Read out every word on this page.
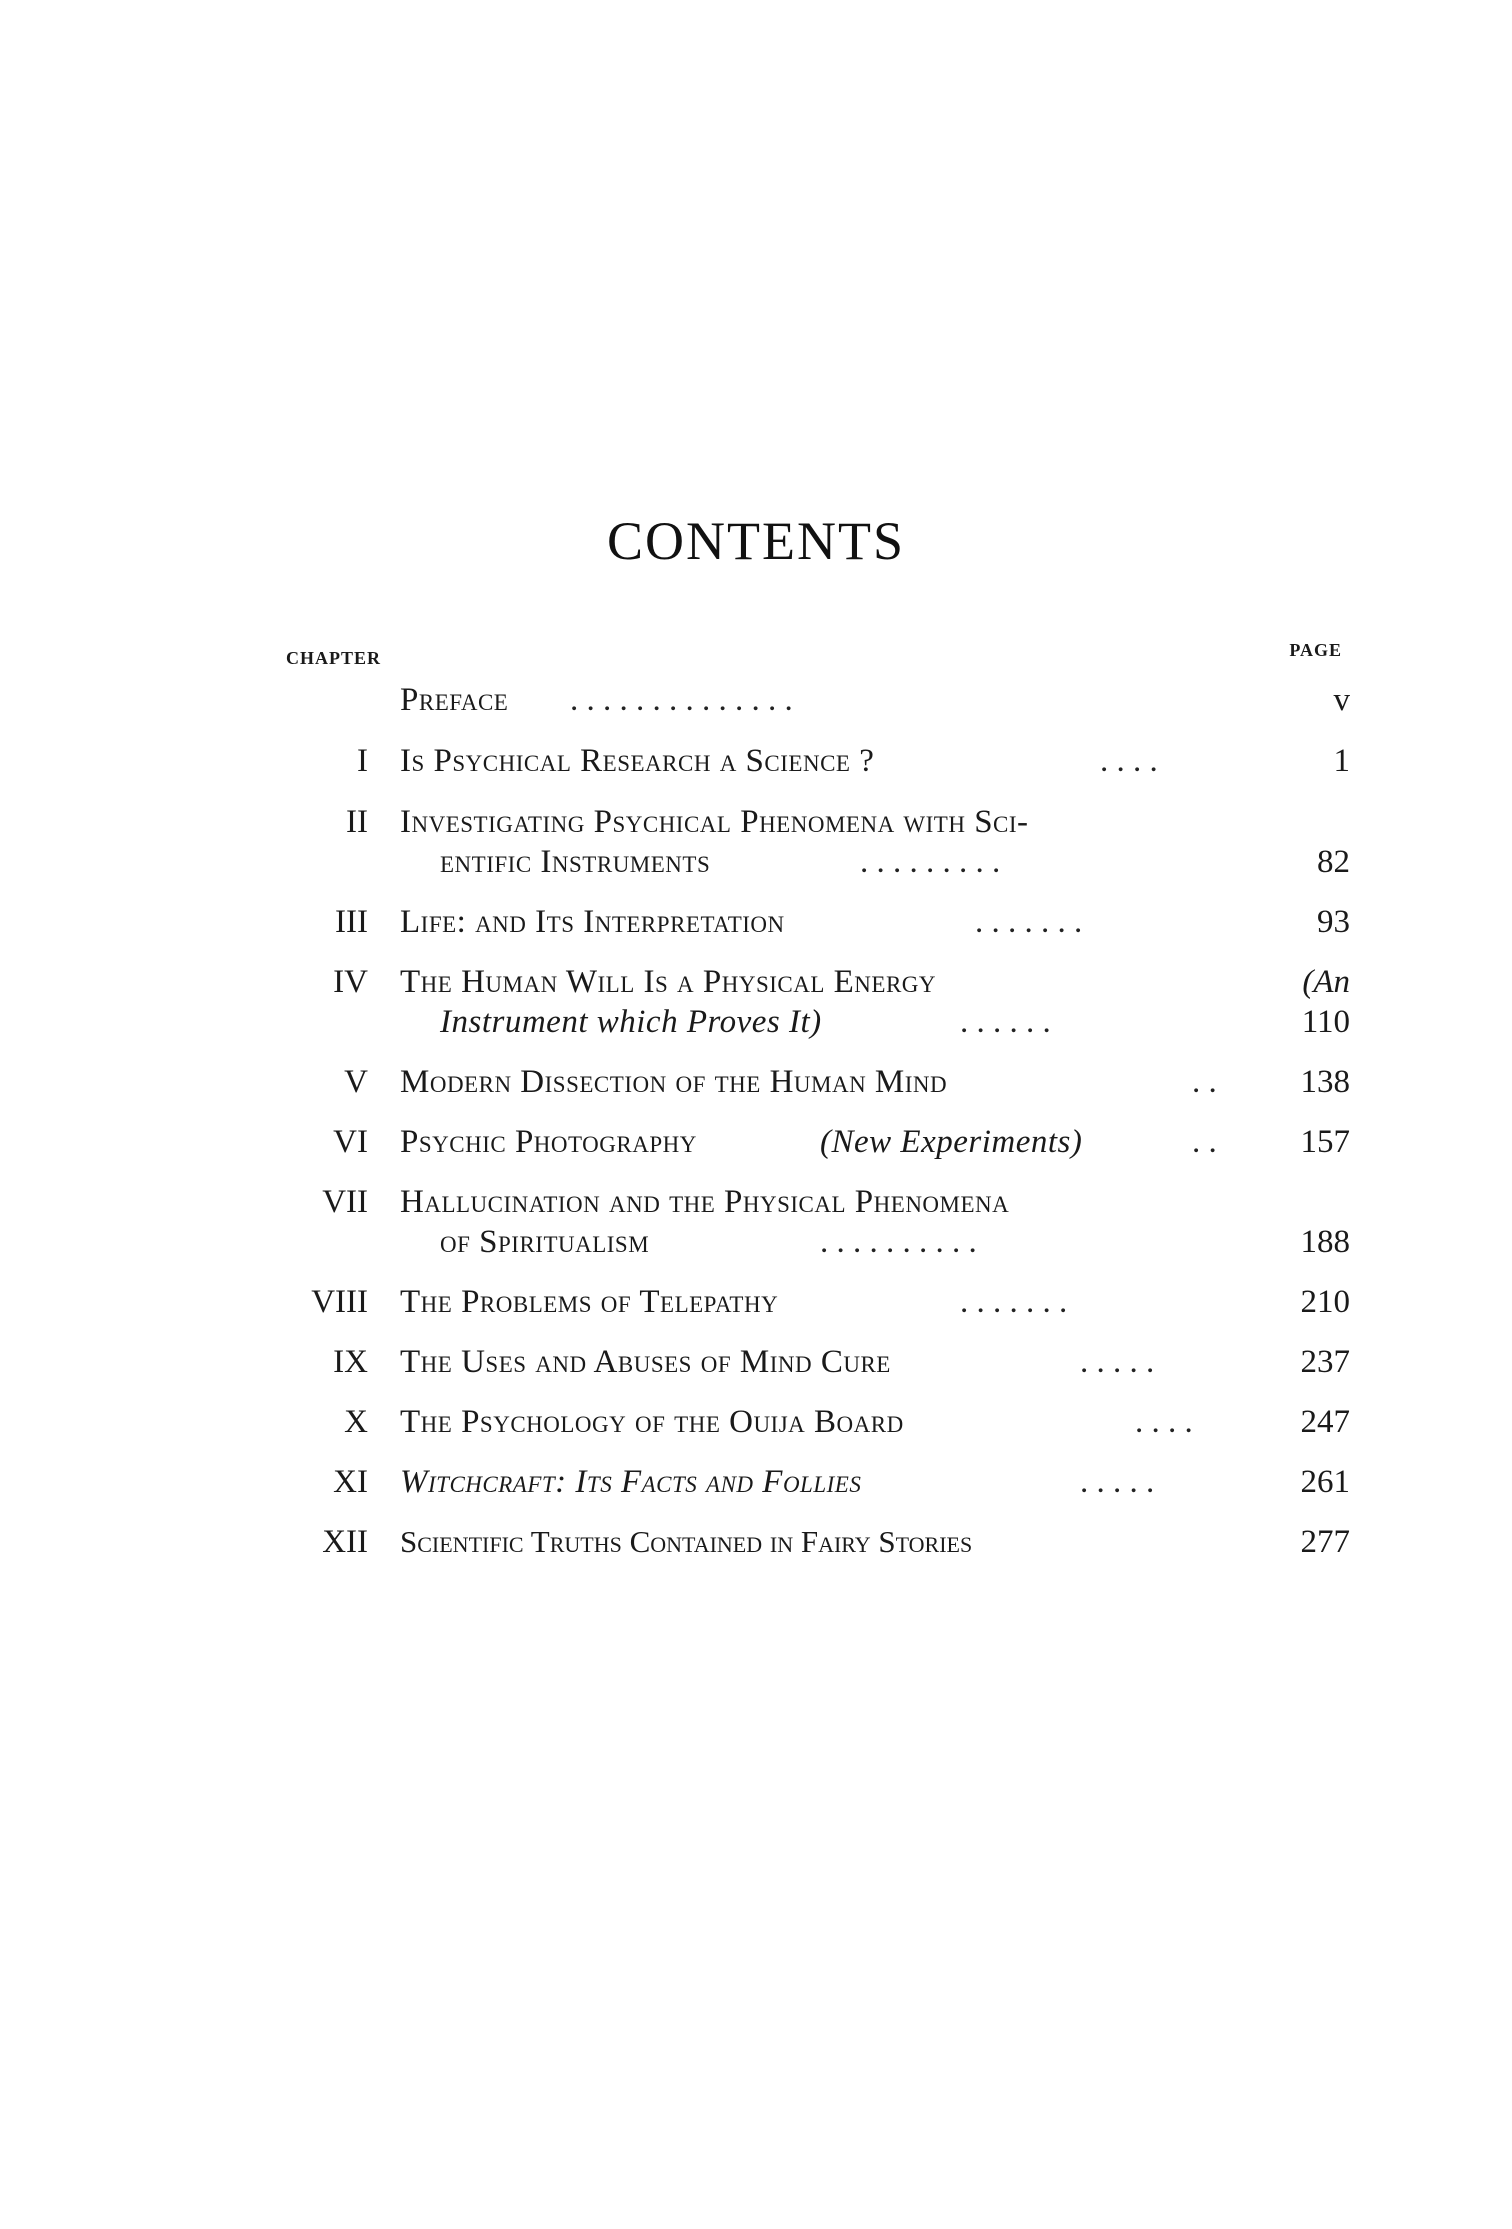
CONTENTS
CHAPTER	PAGE
Preface . . . . . . . . . . . . . .	v
I Is Psychical Research a Science ?	. . . .	1
II Investigating Psychical Phenomena with Sci-
entific Instruments	. . . . . . . . .	82
III Life: and Its Interpretation	. . . . . . .	93
IV The Human Will Is a Physical Energy	(An
Instrument which Proves It)	. . . . . .	110
V Modern Dissection of the Human Mind	. .	138
VI Psychic Photography	(New Experiments)	. .	157
VII Hallucination and the Physical Phenomena
of Spiritualism	. . . . . . . . . .	188
VIII The Problems of Telepathy	. . . . . . .	210
IX The Uses and Abuses of Mind Cure	. . . . .	237
X The Psychology of the Ouija Board	. . . .	247
XI Witchcraft: Its Facts and Follies	. . . . .	261
XII Scientific Truths Contained in Fairy Stories	277
